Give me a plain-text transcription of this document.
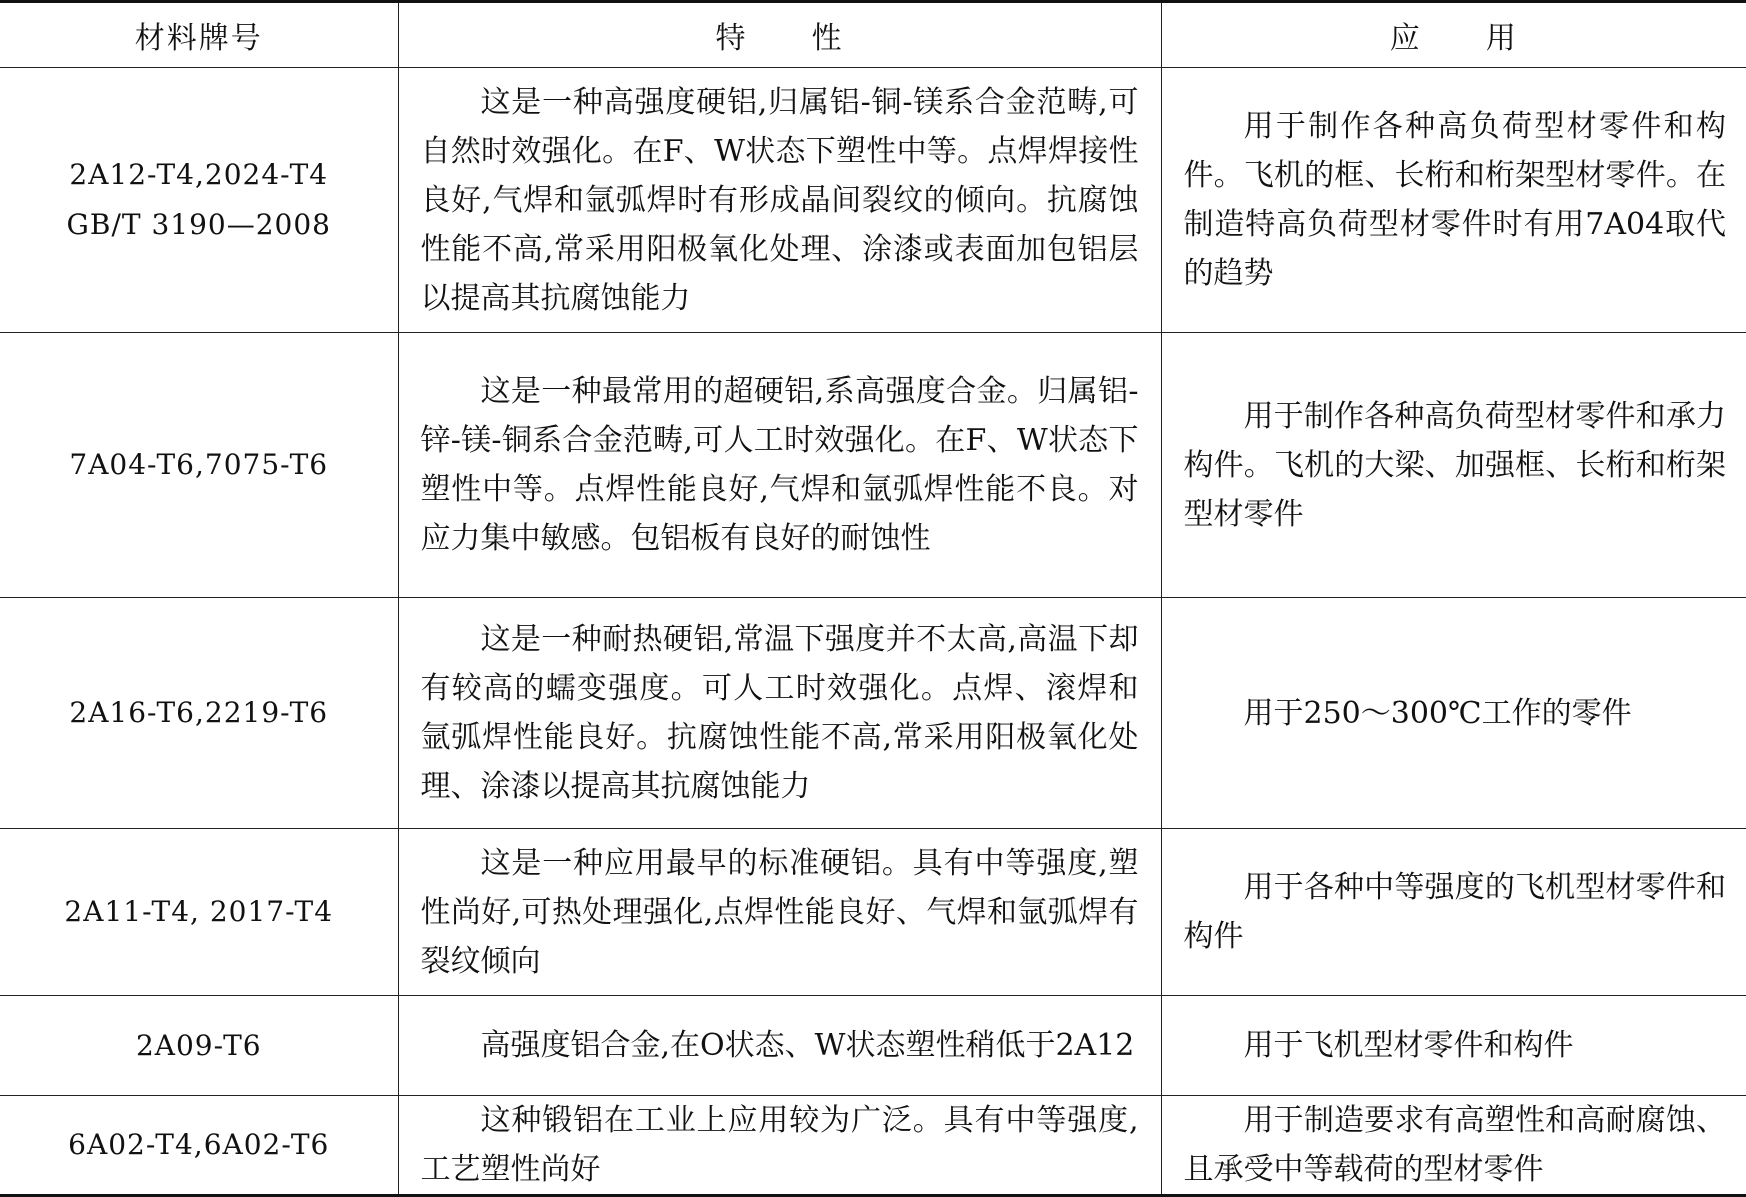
材料牌号	特　　性	应　　用

2A12-T4,2024-T4
GB/T 3190—2008	这是一种高强度硬铝,归属铝-铜-镁系合金范畴,可自然时效强化。在F、W状态下塑性中等。点焊焊接性良好,气焊和氩弧焊时有形成晶间裂纹的倾向。抗腐蚀性能不高,常采用阳极氧化处理、涂漆或表面加包铝层以提高其抗腐蚀能力	用于制作各种高负荷型材零件和构件。飞机的框、长桁和桁架型材零件。在制造特高负荷型材零件时有用7A04取代的趋势

7A04-T6,7075-T6	这是一种最常用的超硬铝,系高强度合金。归属铝-锌-镁-铜系合金范畴,可人工时效强化。在F、W状态下塑性中等。点焊性能良好,气焊和氩弧焊性能不良。对应力集中敏感。包铝板有良好的耐蚀性	用于制作各种高负荷型材零件和承力构件。飞机的大梁、加强框、长桁和桁架型材零件

2A16-T6,2219-T6	这是一种耐热硬铝,常温下强度并不太高,高温下却有较高的蠕变强度。可人工时效强化。点焊、滚焊和氩弧焊性能良好。抗腐蚀性能不高,常采用阳极氧化处理、涂漆以提高其抗腐蚀能力	用于250～300℃工作的零件

2A11-T4, 2017-T4	这是一种应用最早的标准硬铝。具有中等强度,塑性尚好,可热处理强化,点焊性能良好、气焊和氩弧焊有裂纹倾向	用于各种中等强度的飞机型材零件和构件

2A09-T6	高强度铝合金,在O状态、W状态塑性稍低于2A12	用于飞机型材零件和构件

6A02-T4,6A02-T6	这种锻铝在工业上应用较为广泛。具有中等强度,工艺塑性尚好	用于制造要求有高塑性和高耐腐蚀、且承受中等载荷的型材零件
